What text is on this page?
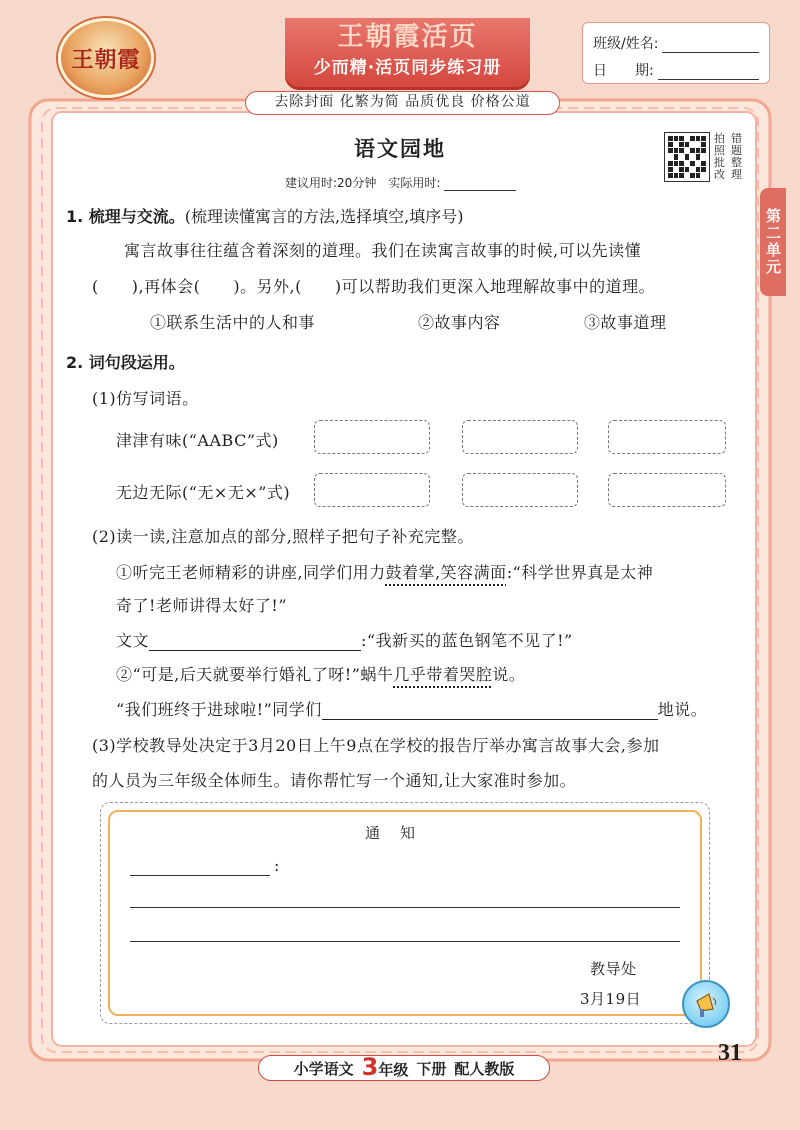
王朝霞
王朝霞活页
少而精·活页同步练习册
去除封面 化繁为简 品质优良 价格公道
班级/姓名:
日　　期:
语文园地
建议用时:20分钟　实际用时:
拍 错
照 题
批 整
改 理
第二单元
1. 梳理与交流。(梳理读懂寓言的方法,选择填空,填序号)
寓言故事往往蕴含着深刻的道理。我们在读寓言故事的时候,可以先读懂
(　　),再体会(　　)。另外,(　　)可以帮助我们更深入地理解故事中的道理。
①联系生活中的人和事	②故事内容	③故事道理
2. 词句段运用。
(1)仿写词语。
津津有味(“AABC”式)
无边无际(“无×无×”式)
(2)读一读,注意加点的部分,照样子把句子补充完整。
①听完王老师精彩的讲座,同学们用力鼓着掌,笑容满面:“科学世界真是太神
奇了!老师讲得太好了!”
文文	:“我新买的蓝色钢笔不见了!”
②“可是,后天就要举行婚礼了呀!”蜗牛几乎带着哭腔说。
“我们班终于进球啦!”同学们	地说。
(3)学校教导处决定于3月20日上午9点在学校的报告厅举办寓言故事大会,参加
的人员为三年级全体师生。请你帮忙写一个通知,让大家准时参加。
通知
:
教导处
3月19日
小学语文 3年级 下册 配人教版
31
